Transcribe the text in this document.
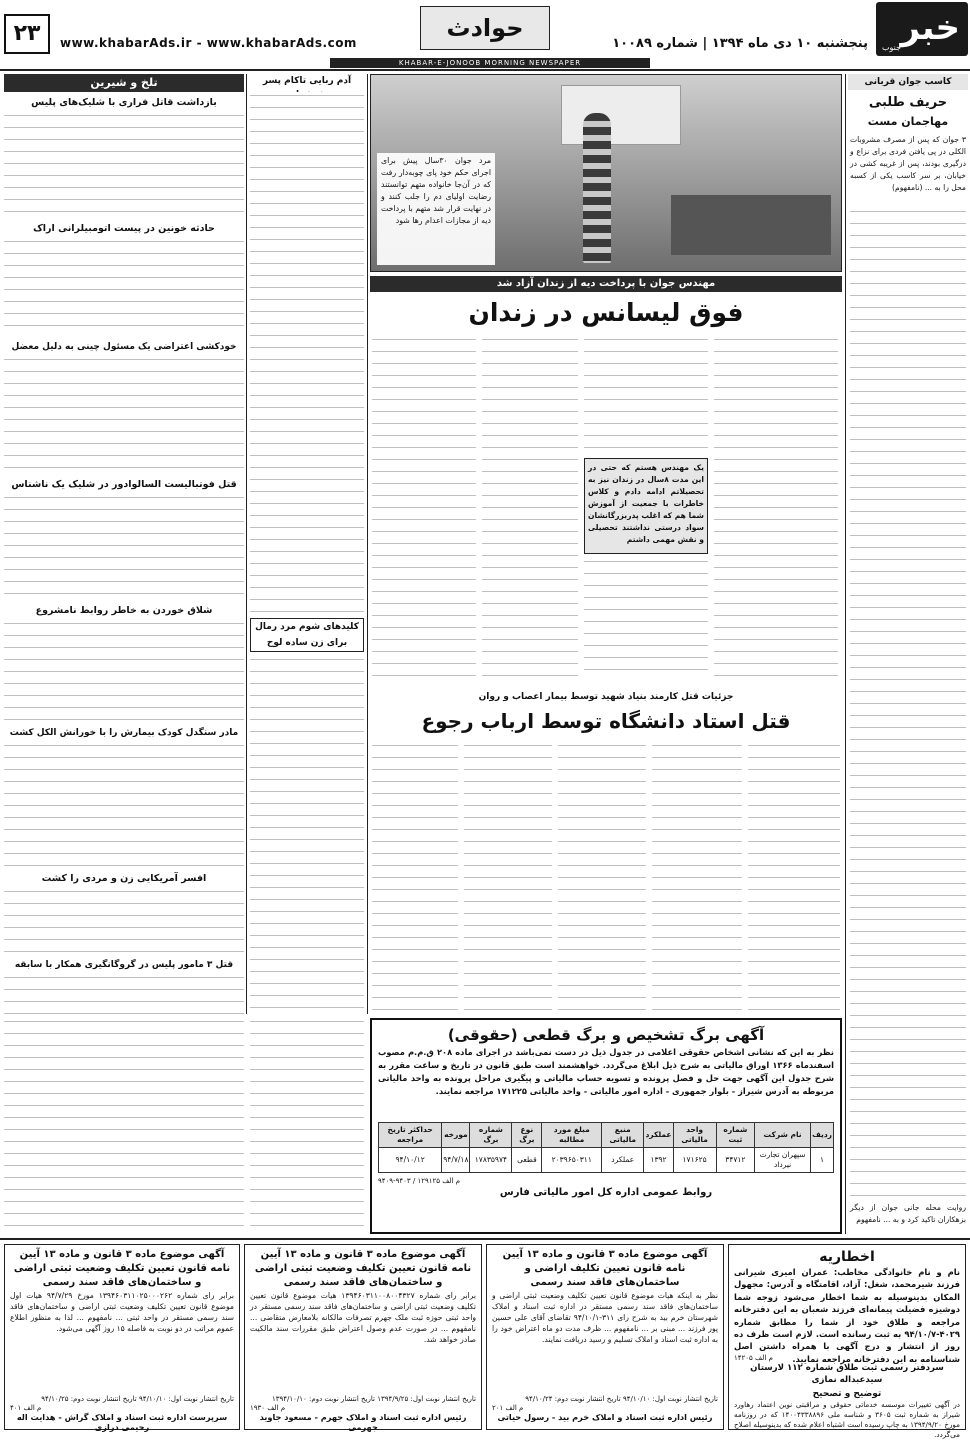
خبر
جنوب
پنجشنبه ۱۰ دی ماه ۱۳۹۴ | شماره ۱۰۰۸۹
حوادث
www.khabarAds.ir - www.khabarAds.com
۲۳
KHABAR-E-JONOOB MORNING NEWSPAPER
کاسب جوان قربانی
حریف طلبی
مهاجمان مست
۳ جوان که پس از مصرف مشروبات الکلی در پی یافتن فردی برای نزاع و درگیری بودند، پس از غریبه کشی در خیابان، بر سر کاسب یکی از کسبه محل را به ... (نامفهوم)
روایت محله جانی جوان از دیگر بزهکاران تاکید کرد و به ... نامفهوم
مرد جوان ۳۰سال پیش برای اجرای حکم خود پای چوبه‌دار رفت که در آن‌جا خانواده متهم توانستند رضایت اولیای دم را جلب کنند و در نهایت قرار شد متهم با پرداخت دیه از مجازات اعدام رها شود
مهندس جوان با پرداخت دیه از زندان آزاد شد
فوق لیسانس در زندان
یک مهندس هستم که حتی در این مدت ۸سال در زندان نیز به تحصیلاتم ادامه دادم و کلاس خاطرات با جمعیت از آموزش شما هم که اغلب پدربزرگانشان سواد درستی نداشتند تحصیلی و نقش مهمی داشتم
جزئیات قتل کارمند بنیاد شهید توسط بیمار اعصاب و روان
قتل استاد دانشگاه توسط ارباب رجوع
آدم ربایی تاکام پسر
کلیدهای شوم مرد رمال
برای زن ساده لوح
تلخ و شیرین
بازداشت قاتل فراری با شلیک‌های پلیس
حادثه خونین در پیست اتومبیلرانی اراک
خودکشی اعتراضی یک مسئول چینی به دلیل معضل
قتل فوتبالیست السالوادور در شلیک یک ناشناس
شلاق خوردن به خاطر روابط نامشروع
مادر سنگدل کودک بیمارش را با خورانش الکل کشت
افسر آمریکایی زن و مردی را کشت
قتل ۳ مامور پلیس در گروگانگیری همکار با سابقه
آگهی برگ تشخیص و برگ قطعی (حقوقی)
نظر به این که نشانی اشخاص حقوقی اعلامی در جدول ذیل در دست نمی‌باشد در اجرای ماده ۲۰۸ ق.م.م مصوب اسفندماه ۱۳۶۶ اوراق مالیاتی به شرح ذیل ابلاغ می‌گردد. خواهشمند است طبق قانون در تاریخ و ساعت مقرر به شرح جدول این آگهی جهت حل و فصل پرونده و تسویه حساب مالیاتی و پیگیری مراحل پرونده به واحد مالیاتی مربوطه به آدرس شیراز - بلوار جمهوری - اداره امور مالیاتی - واحد مالیاتی ۱۷۱۲۲۵ مراجعه نمایند.
ردیف	نام شرکت	شماره ثبت	واحد مالیاتی	عملکرد	منبع مالیاتی	مبلغ مورد مطالبه	نوع برگ	شماره برگ	مورخه	حداکثر تاریخ مراجعه
۱	سپهران تجارت نیرداد	۳۴۷۱۲	۱۷۱۶۲۵	۱۳۹۲	عملکرد	۲۰۳۹۶۵۰۳۱۱	قطعی	۱۷۸۳۵۹۷۴	۹۴/۷/۱۸	۹۴/۱۰/۱۲
م الف ۱۲۹۱۲۵ / ۹۴۰۳-۹۴۰۹
روابط عمومی اداره کل امور مالیاتی فارس
اخطاریه
نام و نام خانوادگی مخاطب: عمران امیری شیرانی فرزند شیرمحمد، شغل: آزاد، اقامتگاه و آدرس: مجهول المکان بدینوسیله به شما اخطار می‌شود زوجه شما دوشیزه فضیلت پیمانه‌ای فرزند شعبان به این دفترخانه مراجعه و طلاق خود از شما را مطابق شماره ۴۰۲۹-۹۴/۱۰/۷ به ثبت رسانده است. لازم است ظرف ده روز از انتشار و درج آگهی با همراه داشتن اصل شناسنامه به این دفترخانه مراجعه نمایید.
م الف ۱۴۲۰۵
سردفتر رسمی ثبت طلاق شماره ۱۱۲ لارستان سیدعبداله نمازی
توضیح و تصحیح
در آگهی تغییرات موسسه خدماتی حقوقی و مراقبتی نوین اعتماد رهاورد شیراز به شماره ثبت ۳۶۰۵ و شناسه ملی ۱۴۰۰۴۳۳۸۸۹۶ که در روزنامه مورخ ۱۳۹۴/۹/۲۰ به چاپ رسیده است اشتباه اعلام شده که بدینوسیله اصلاح می‌گردد.
آگهی موضوع ماده ۳ قانون و ماده ۱۳ آیین نامه قانون تعیین تکلیف اراضی و ساختمان‌های فاقد سند رسمی
نظر به اینکه هیات موضوع قانون تعیین تکلیف وضعیت ثبتی اراضی و ساختمان‌های فاقد سند رسمی مستقر در اداره ثبت اسناد و املاک شهرستان خرم بید به شرح رای ۳۱۱-۹۴/۱۰/۱ تقاضای آقای علی حسین پور فرزند ... مبنی بر ... نامفهوم ... ظرف مدت دو ماه اعتراض خود را به اداره ثبت اسناد و املاک تسلیم و رسید دریافت نمایند.
تاریخ انتشار نوبت اول: ۹۴/۱۰/۱۰ تاریخ انتشار نوبت دوم: ۹۴/۱۰/۲۴
م الف ۲۰۱
رئیس اداره ثبت اسناد و املاک خرم بید - رسول حیاتی
آگهی موضوع ماده ۳ قانون و ماده ۱۳ آیین نامه قانون تعیین تکلیف وضعیت ثبتی اراضی و ساختمان‌های فاقد سند رسمی
برابر رای شماره ۱۳۹۴۶۰۳۱۱۰۰۸۰۰۴۳۲۷ هیات موضوع قانون تعیین تکلیف وضعیت ثبتی اراضی و ساختمان‌های فاقد سند رسمی مستقر در واحد ثبتی حوزه ثبت ملک جهرم تصرفات مالکانه بلامعارض متقاضی ... نامفهوم ... در صورت عدم وصول اعتراض طبق مقررات سند مالکیت صادر خواهد شد.
تاریخ انتشار نوبت اول: ۱۳۹۴/۹/۲۵ تاریخ انتشار نوبت دوم: ۱۳۹۴/۱۰/۱۰
م الف ۱۹۳۰
رئیس اداره ثبت اسناد و املاک جهرم - مسعود جاوید جهرمی
آگهی موضوع ماده ۳ قانون و ماده ۱۳ آیین نامه قانون تعیین تکلیف وضعیت ثبتی اراضی و ساختمان‌های فاقد سند رسمی
برابر رای شماره ۱۳۹۴۶۰۳۱۱۰۲۵۰۰۰۲۶۲ مورخ ۹۴/۷/۲۹ هیات اول موضوع قانون تعیین تکلیف وضعیت ثبتی اراضی و ساختمان‌های فاقد سند رسمی مستقر در واحد ثبتی ... نامفهوم ... لذا به منظور اطلاع عموم مراتب در دو نوبت به فاصله ۱۵ روز آگهی می‌شود.
تاریخ انتشار نوبت اول: ۹۴/۱۰/۱۰ تاریخ انتشار نوبت دوم: ۹۴/۱۰/۲۵
م الف ۴۰۱
سرپرست اداره ثبت اسناد و املاک گراش - هدایت اله رحیمی درازی
